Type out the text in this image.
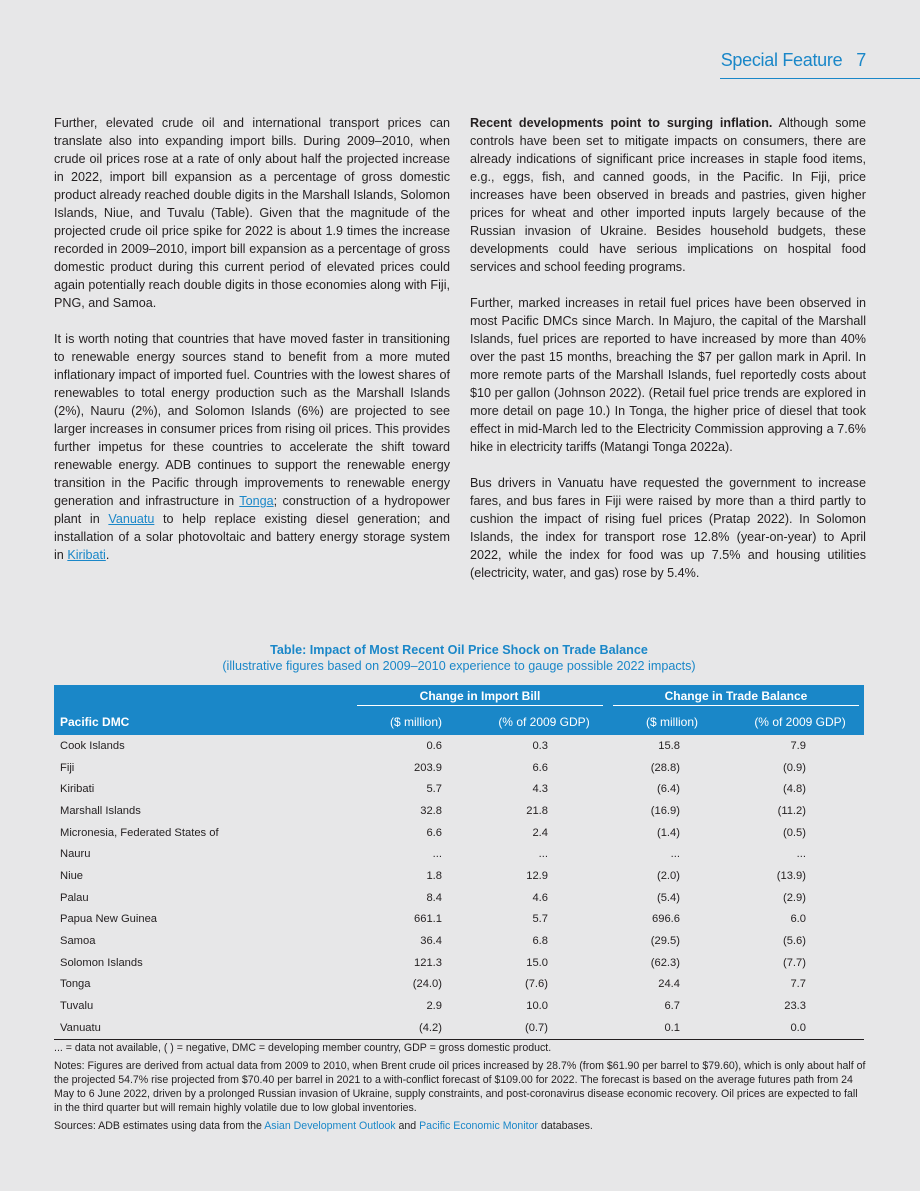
Special Feature 7

Further, elevated crude oil and international transport prices can translate also into expanding import bills. During 2009–2010, when crude oil prices rose at a rate of only about half the projected increase in 2022, import bill expansion as a percentage of gross domestic product already reached double digits in the Marshall Islands, Solomon Islands, Niue, and Tuvalu (Table). Given that the magnitude of the projected crude oil price spike for 2022 is about 1.9 times the increase recorded in 2009–2010, import bill expansion as a percentage of gross domestic product during this current period of elevated prices could again potentially reach double digits in those economies along with Fiji, PNG, and Samoa.

It is worth noting that countries that have moved faster in transitioning to renewable energy sources stand to benefit from a more muted inflationary impact of imported fuel. Countries with the lowest shares of renewables to total energy production such as the Marshall Islands (2%), Nauru (2%), and Solomon Islands (6%) are projected to see larger increases in consumer prices from rising oil prices. This provides further impetus for these countries to accelerate the shift toward renewable energy. ADB continues to support the renewable energy transition in the Pacific through improvements to renewable energy generation and infrastructure in Tonga; construction of a hydropower plant in Vanuatu to help replace existing diesel generation; and installation of a solar photovoltaic and battery energy storage system in Kiribati.

Recent developments point to surging inflation. Although some controls have been set to mitigate impacts on consumers, there are already indications of significant price increases in staple food items, e.g., eggs, fish, and canned goods, in the Pacific. In Fiji, price increases have been observed in breads and pastries, given higher prices for wheat and other imported inputs largely because of the Russian invasion of Ukraine. Besides household budgets, these developments could have serious implications on hospital food services and school feeding programs.

Further, marked increases in retail fuel prices have been observed in most Pacific DMCs since March. In Majuro, the capital of the Marshall Islands, fuel prices are reported to have increased by more than 40% over the past 15 months, breaching the $7 per gallon mark in April. In more remote parts of the Marshall Islands, fuel reportedly costs about $10 per gallon (Johnson 2022). (Retail fuel price trends are explored in more detail on page 10.) In Tonga, the higher price of diesel that took effect in mid-March led to the Electricity Commission approving a 7.6% hike in electricity tariffs (Matangi Tonga 2022a).

Bus drivers in Vanuatu have requested the government to increase fares, and bus fares in Fiji were raised by more than a third partly to cushion the impact of rising fuel prices (Pratap 2022). In Solomon Islands, the index for transport rose 12.8% (year-on-year) to April 2022, while the index for food was up 7.5% and housing utilities (electricity, water, and gas) rose by 5.4%.

Table: Impact of Most Recent Oil Price Shock on Trade Balance
(illustrative figures based on 2009–2010 experience to gauge possible 2022 impacts)

	Change in Import Bill		Change in Trade Balance	

Pacific DMC	($ million)	(% of 2009 GDP)	($ million)	(% of 2009 GDP)
Cook Islands	0.6	0.3	15.8	7.9
Fiji	203.9	6.6	(28.8)	(0.9)
Kiribati	5.7	4.3	(6.4)	(4.8)
Marshall Islands	32.8	21.8	(16.9)	(11.2)
Micronesia, Federated States of	6.6	2.4	(1.4)	(0.5)
Nauru	...	...	...	...
Niue	1.8	12.9	(2.0)	(13.9)
Palau	8.4	4.6	(5.4)	(2.9)
Papua New Guinea	661.1	5.7	696.6	6.0
Samoa	36.4	6.8	(29.5)	(5.6)
Solomon Islands	121.3	15.0	(62.3)	(7.7)
Tonga	(24.0)	(7.6)	24.4	7.7
Tuvalu	2.9	10.0	6.7	23.3
Vanuatu	(4.2)	(0.7)	0.1	0.0

... = data not available, ( ) = negative, DMC = developing member country, GDP = gross domestic product.

Notes: Figures are derived from actual data from 2009 to 2010, when Brent crude oil prices increased by 28.7% (from $61.90 per barrel to $79.60), which is only about half of the projected 54.7% rise projected from $70.40 per barrel in 2021 to a with-conflict forecast of $109.00 for 2022. The forecast is based on the average futures path from 24 May to 6 June 2022, driven by a prolonged Russian invasion of Ukraine, supply constraints, and post-coronavirus disease economic recovery. Oil prices are expected to fall in the third quarter but will remain highly volatile due to low global inventories.

Sources: ADB estimates using data from the Asian Development Outlook and Pacific Economic Monitor databases.
